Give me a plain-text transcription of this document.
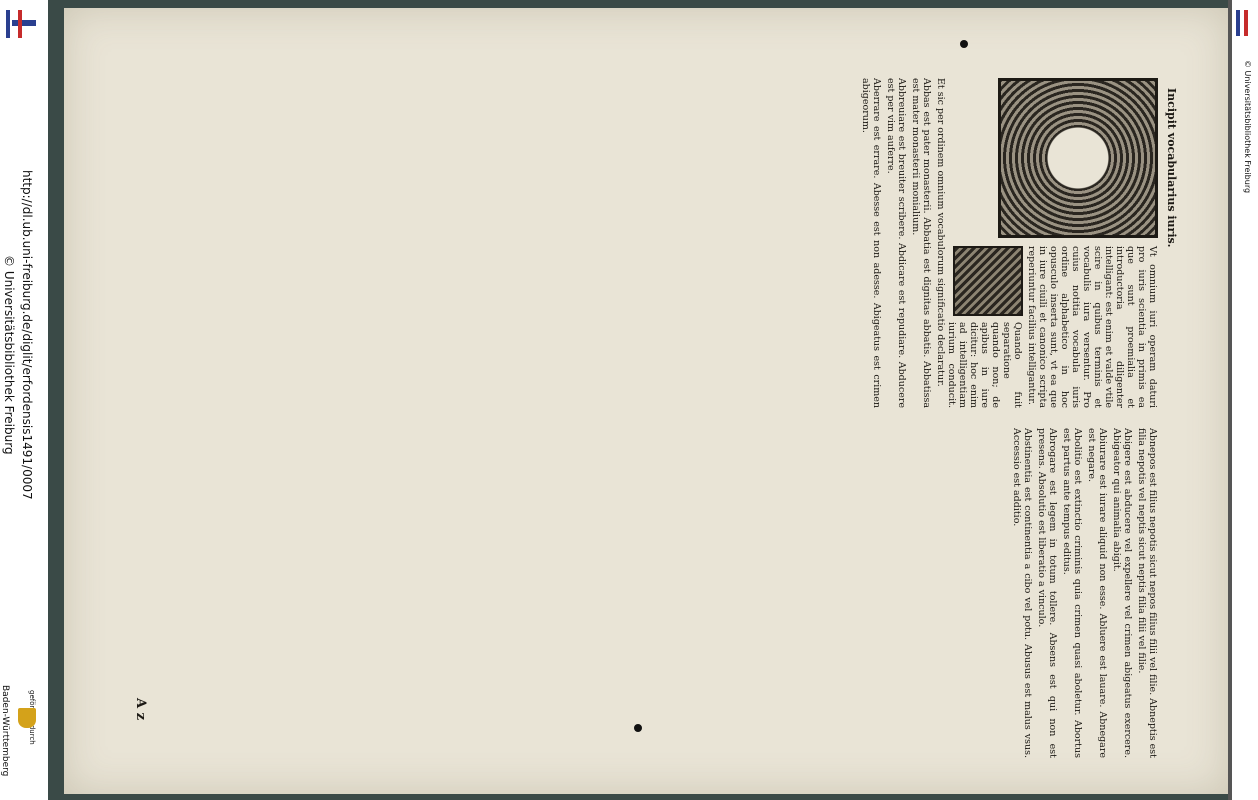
http://dl.ub.uni-freiburg.de/diglit/erfordensis1491/0007
© Universitätsbibliothek Freiburg
Baden-Württemberg
Incipit vocabularius iuris.

Vt omnium iuri operam daturi pro iuris scientia in primis ea que sunt proemialia et introductoria diligenter intelligant: est enim et valde vtile scire in quibus terminis et vocabulis iura versentur. Pro cuius notitia vocabula iuris ordine alphabetico in hoc opusculo inserta sunt, vt ea que in iure ciuili et canonico scripta reperiuntur facilius intelligantur.

Quando fuit separatione quando non; de apibus in iure dicitur: hoc enim ad intelligentiam iurium conducit. Et sic per ordinem omnium vocabulorum significatio declaratur.

Abbas est pater monasterii. Abbatia est dignitas abbatis. Abbatissa est mater monasterii monialium.

Abbreuiare est breuiter scribere. Abdicare est repudiare. Abducere est per vim auferre.

Aberrare est errare. Abesse est non adesse. Abigeatus est crimen abigeorum.

Abnepos est filius nepotis sicut nepos filius filii vel filie. Abneptis est filia nepotis vel neptis sicut neptis filia filii vel filie.

Abigere est abducere vel expellere vel crimen abigeatus exercere. Abigeator qui animalia abigit.

Abiurare est iurare aliquid non esse. Abluere est lauare. Abnegare est negare.

Abolitio est extinctio criminis quia crimen quasi aboletur. Abortus est partus ante tempus editus.

Abrogare est legem in totum tollere. Absens est qui non est presens. Absolutio est liberatio a vinculo.

Abstinentia est continentia a cibo vel potu. Abusus est malus vsus. Accessio est additio.

A z
© Universitätsbibliothek Freiburg
